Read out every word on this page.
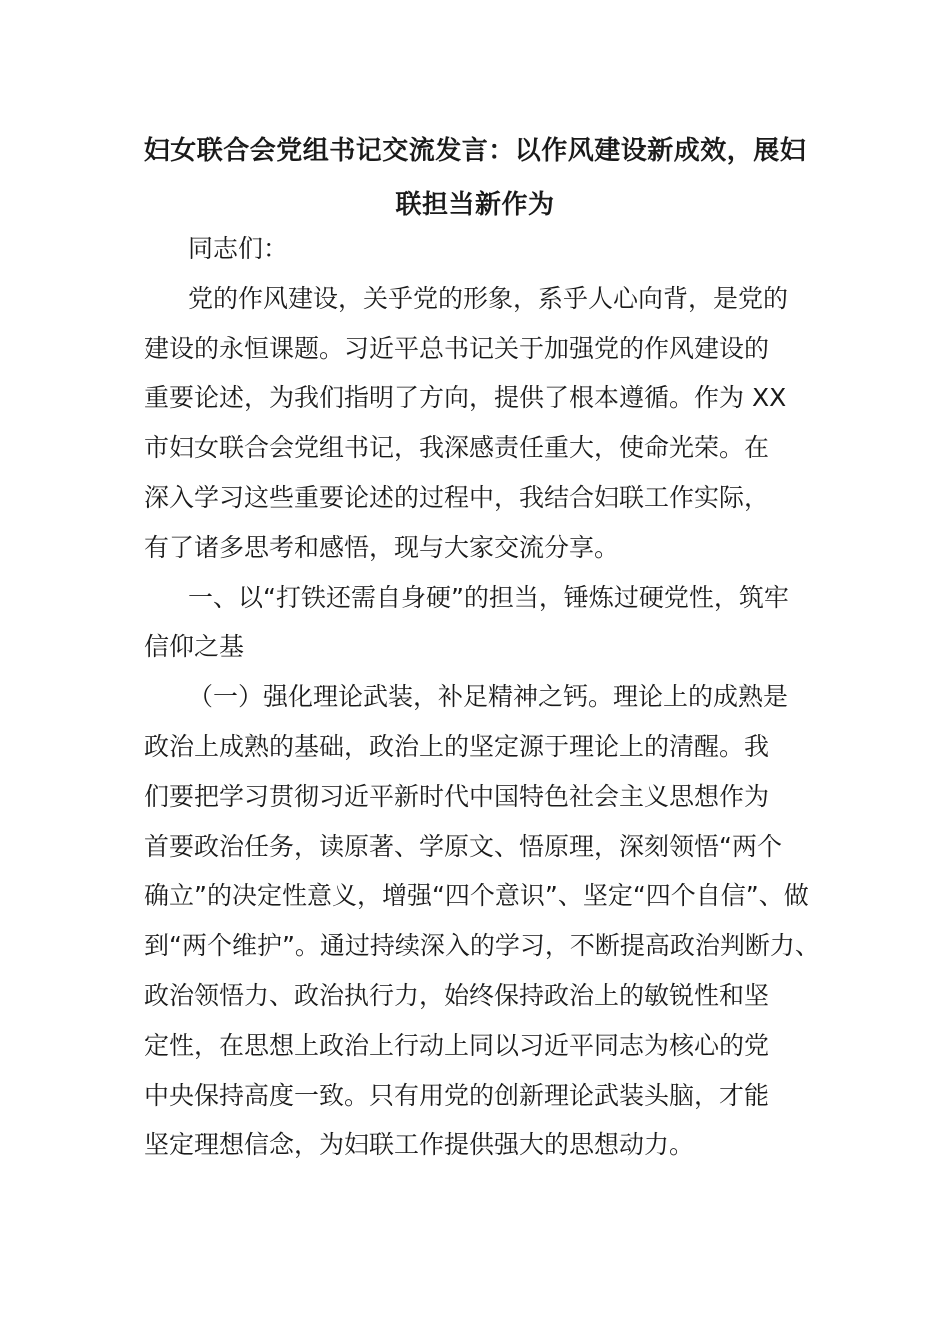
妇女联合会党组书记交流发言：以作风建设新成效，展妇
联担当新作为
同志们：
党的作风建设，关乎党的形象，系乎人心向背，是党的
建设的永恒课题。习近平总书记关于加强党的作风建设的
重要论述，为我们指明了方向，提供了根本遵循。作为 XX
市妇女联合会党组书记，我深感责任重大，使命光荣。在
深入学习这些重要论述的过程中，我结合妇联工作实际，
有了诸多思考和感悟，现与大家交流分享。
一、以“打铁还需自身硬”的担当，锤炼过硬党性，筑牢
信仰之基
（一）强化理论武装，补足精神之钙。理论上的成熟是
政治上成熟的基础，政治上的坚定源于理论上的清醒。我
们要把学习贯彻习近平新时代中国特色社会主义思想作为
首要政治任务，读原著、学原文、悟原理，深刻领悟“两个
确立”的决定性意义，增强“四个意识”、坚定“四个自信”、做
到“两个维护”。通过持续深入的学习，不断提高政治判断力、
政治领悟力、政治执行力，始终保持政治上的敏锐性和坚
定性，在思想上政治上行动上同以习近平同志为核心的党
中央保持高度一致。只有用党的创新理论武装头脑，才能
坚定理想信念，为妇联工作提供强大的思想动力。
